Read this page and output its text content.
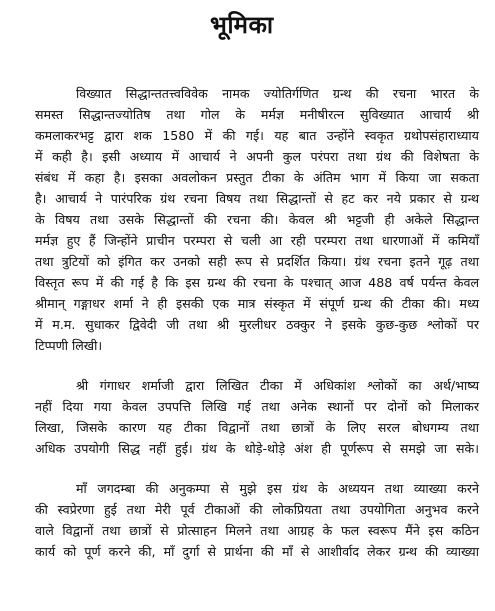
भूमिका
विख्यात सिद्धान्ततत्त्वविवेक नामक ज्योतिर्गणित ग्रन्थ की रचना भारत के
समस्त सिद्धान्तज्योतिष तथा गोल के मर्मज्ञ मनीषीरत्न सुविख्यात आचार्य श्री
कमलाकरभट्ट द्वारा शक 1580 में की गई। यह बात उन्होंने स्वकृत ग्रथोपसंहाराध्याय
में कही है। इसी अध्याय में आचार्य ने अपनी कुल परंपरा तथा ग्रंथ की विशेषता के
संबंध में कहा है। इसका अवलोकन प्रस्तुत टीका के अंतिम भाग में किया जा सकता
है। आचार्य ने पारंपरिक ग्रंथ रचना विषय तथा सिद्धान्तों से हट कर नये प्रकार से ग्रन्थ
के विषय तथा उसके सिद्धान्तों की रचना की। केवल श्री भट्टजी ही अकेले सिद्धान्त
मर्मज्ञ हुए हैं जिन्होंने प्राचीन परम्परा से चली आ रही परम्परा तथा धारणाओं में कमियाँ
तथा त्रुटियों को इंगित कर उनको सही रूप से प्रदर्शित किया। ग्रंथ रचना इतने गूढ़ तथा
विस्तृत रूप में की गई है कि इस ग्रन्थ की रचना के पश्चात् आज 488 वर्ष पर्यन्त केवल
श्रीमान् गङ्गाधर शर्मा ने ही इसकी एक मात्र संस्कृत में संपूर्ण ग्रन्थ की टीका की। मध्य
में म.म. सुधाकर द्विवेदी जी तथा श्री मुरलीधर ठक्कुर ने इसके कुछ-कुछ श्लोकों पर
टिप्पणी लिखी।
श्री गंगाधर शर्माजी द्वारा लिखित टीका में अधिकांश श्लोकों का अर्थ/भाष्य
नहीं दिया गया केवल उपपत्ति लिखि गई तथा अनेक स्थानों पर दोनों को मिलाकर
लिखा, जिसके कारण यह टीका विद्वानों तथा छात्रों के लिए सरल बोधगम्य तथा
अधिक उपयोगी सिद्ध नहीं हुई। ग्रंथ के थोड़े-थोड़े अंश ही पूर्णरूप से समझे जा सके।
माँ जगदम्बा की अनुकम्पा से मुझे इस ग्रंथ के अध्ययन तथा व्याख्या करने
की स्वप्रेरणा हुई तथा मेरी पूर्व टीकाओं की लोकप्रियता तथा उपयोगिता अनुभव करने
वाले विद्वानों तथा छात्रों से प्रोत्साहन मिलने तथा आग्रह के फल स्वरूप मैंने इस कठिन
कार्य को पूर्ण करने की, माँ दुर्गा से प्रार्थना की माँ से आशीर्वाद लेकर ग्रन्थ की व्याख्या
